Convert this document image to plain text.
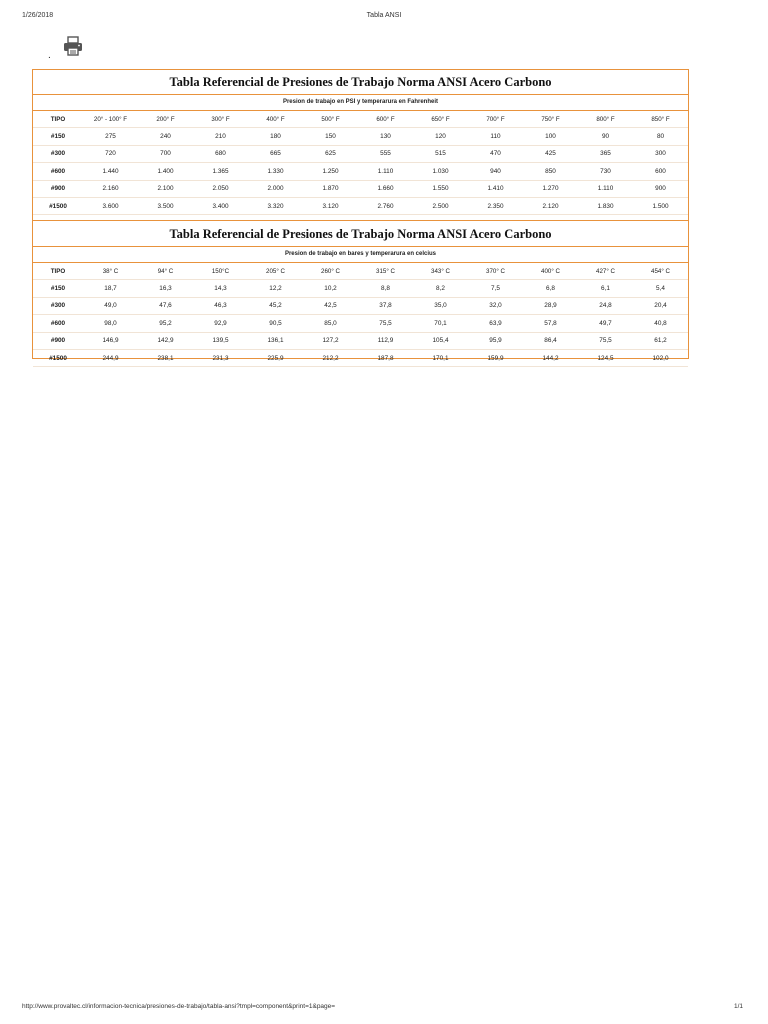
1/26/2018	Tabla ANSI
.
Tabla Referencial de Presiones de Trabajo Norma ANSI Acero Carbono
Presion de trabajo en PSI y temperarura en Fahrenheit
TIPO	20° - 100° F	200° F	300° F	400° F	500° F	600° F	650° F	700° F	750° F	800° F	850° F
#150	275	240	210	180	150	130	120	110	100	90	80
#300	720	700	680	665	625	555	515	470	425	365	300
#600	1.440	1.400	1.365	1.330	1.250	1.110	1.030	940	850	730	600
#900	2.160	2.100	2.050	2.000	1.870	1.660	1.550	1.410	1.270	1.110	900
#1500	3.600	3.500	3.400	3.320	3.120	2.760	2.500	2.350	2.120	1.830	1.500
Tabla Referencial de Presiones de Trabajo Norma ANSI Acero Carbono
Presion de trabajo en bares y temperarura en celcius
TIPO	38° C	94° C	150°C	205° C	260° C	315° C	343° C	370° C	400° C	427° C	454° C
#150	18,7	16,3	14,3	12,2	10,2	8,8	8,2	7,5	6,8	6,1	5,4
#300	49,0	47,6	46,3	45,2	42,5	37,8	35,0	32,0	28,9	24,8	20,4
#600	98,0	95,2	92,9	90,5	85,0	75,5	70,1	63,9	57,8	49,7	40,8
#900	146,9	142,9	139,5	136,1	127,2	112,9	105,4	95,9	86,4	75,5	61,2
#1500	244,9	238,1	231,3	225,9	212,2	187,8	170,1	159,9	144,2	124,5	102,0
http://www.provaltec.cl/informacion-tecnica/presiones-de-trabajo/tabla-ansi?tmpl=component&print=1&page=	1/1
